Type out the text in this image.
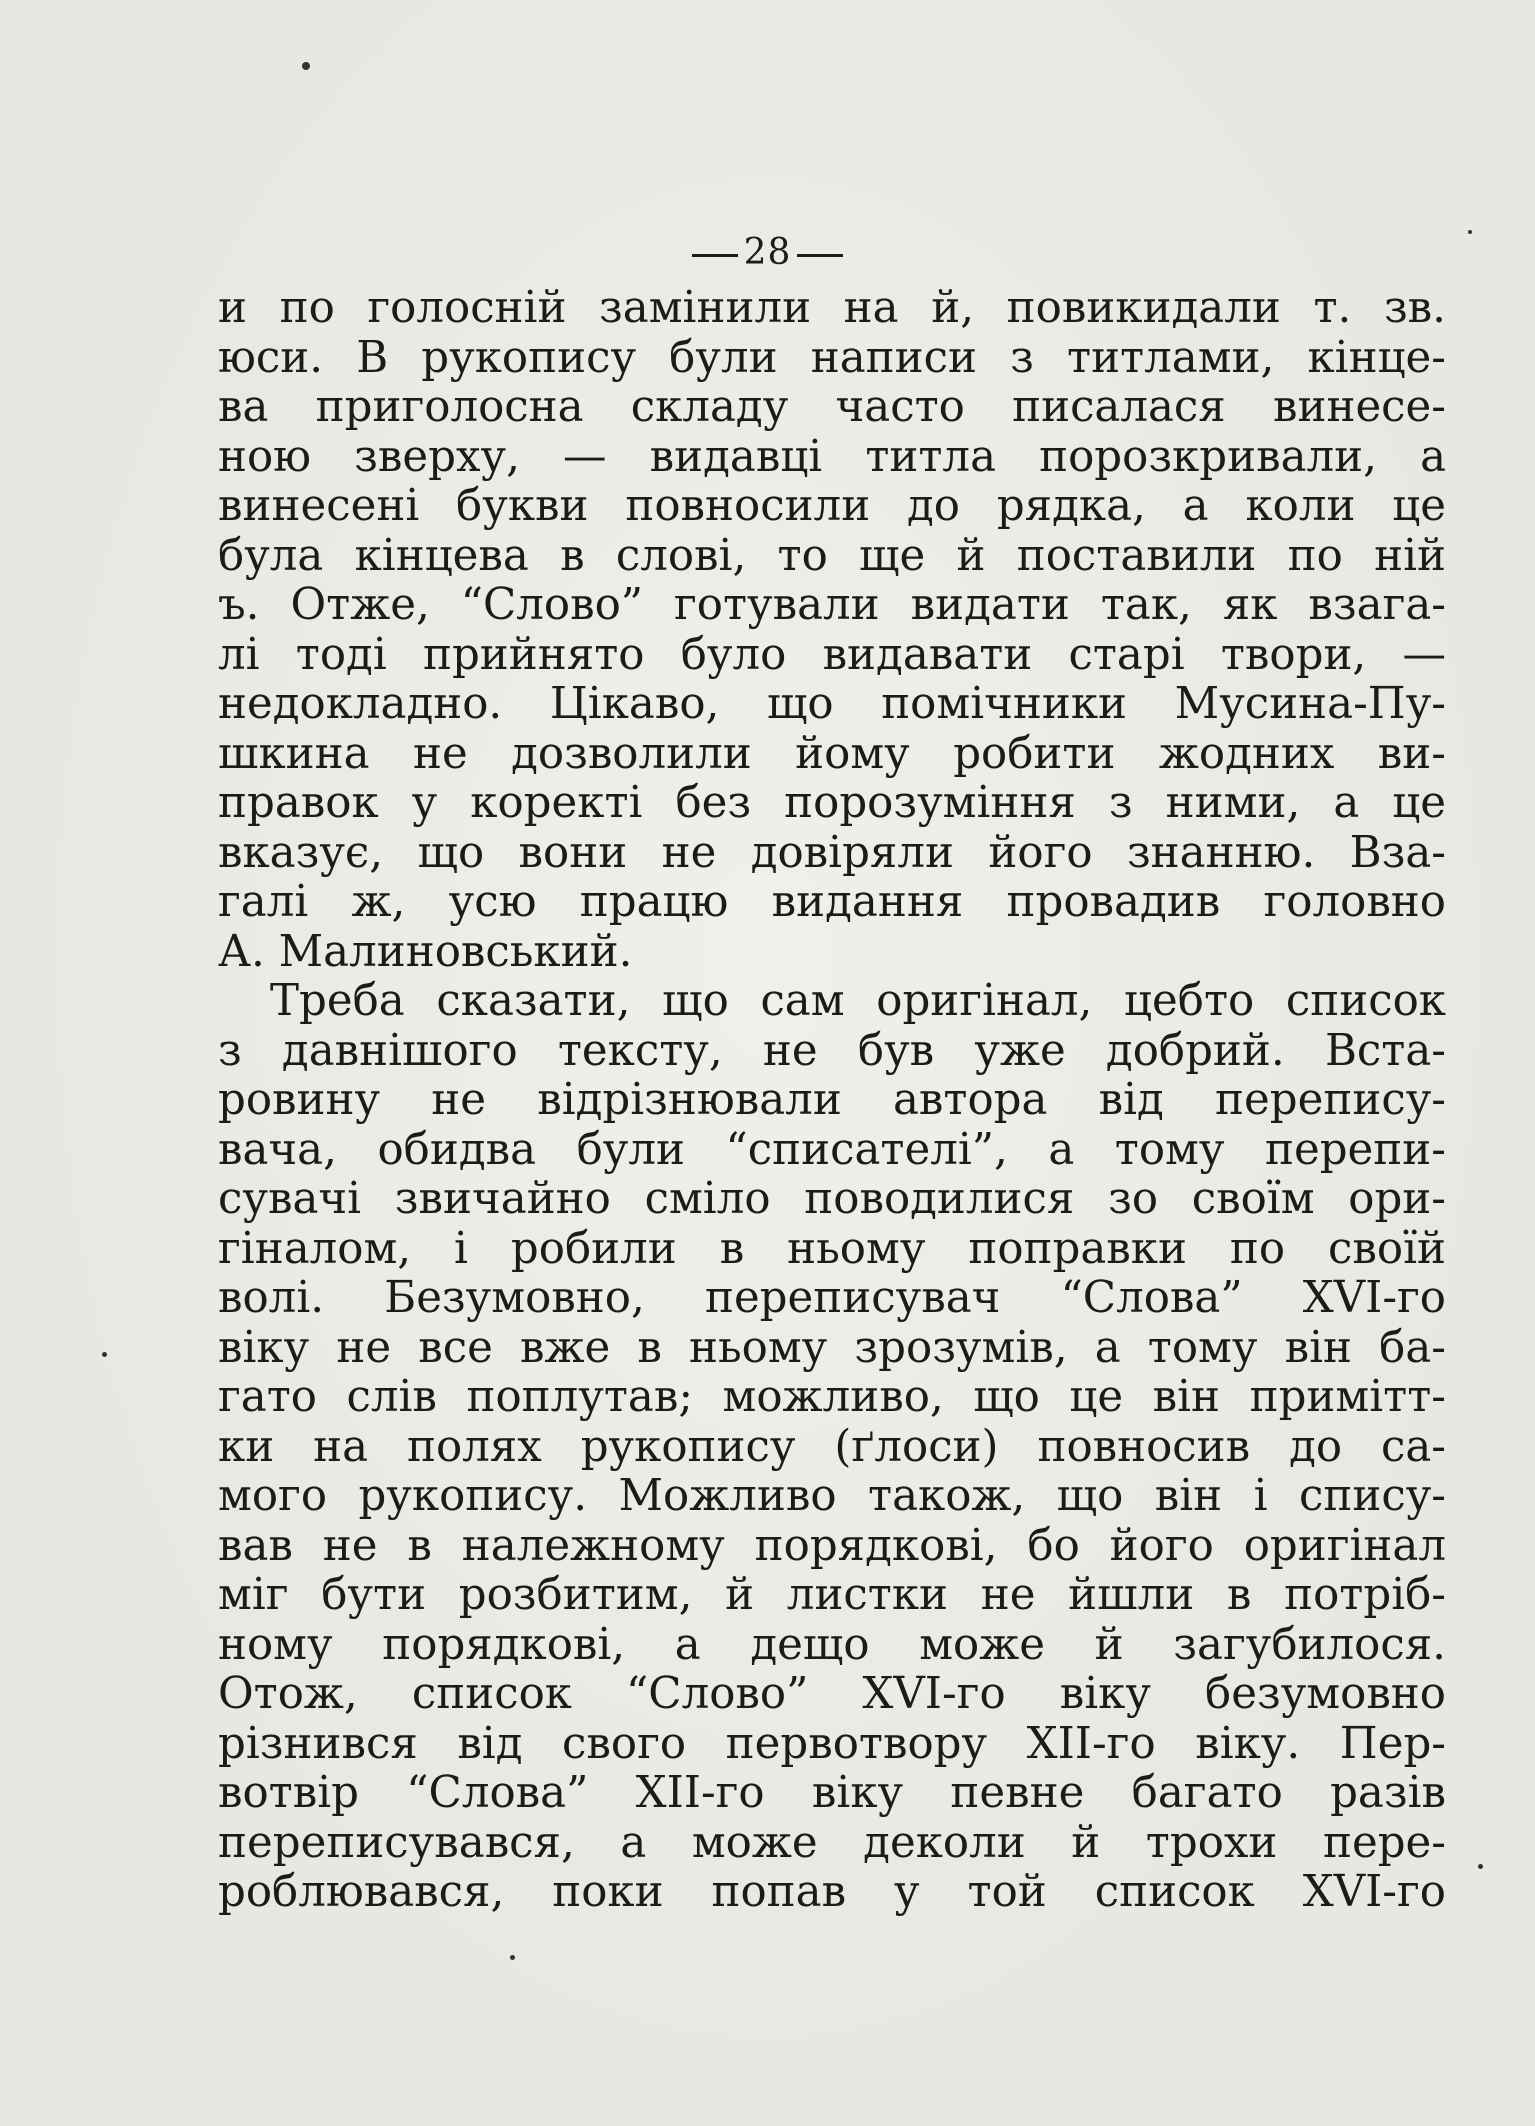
28
и по голосній замінили на й, повикидали т. зв.
юси. В рукопису були написи з титлами, кінце-
ва приголосна складу часто писалася винесе-
ною зверху, — видавці титла порозкривали, а
винесені букви повносили до рядка, а коли це
була кінцева в слові, то ще й поставили по ній
ъ. Отже, “Слово” готували видати так, як взага-
лі тоді прийнято було видавати старі твори, —
недокладно. Цікаво, що помічники Мусина-Пу-
шкина не дозволили йому робити жодних ви-
правок у коректі без порозуміння з ними, а це
вказує, що вони не довіряли його знанню. Вза-
галі ж, усю працю видання провадив головно
А. Малиновський.
Треба сказати, що сам оригінал, цебто список
з давнішого тексту, не був уже добрий. Вста-
ровину не відрізнювали автора від перепису-
вача, обидва були “списателі”, а тому перепи-
сувачі звичайно сміло поводилися зо своїм ори-
гіналом, і робили в ньому поправки по своїй
волі. Безумовно, переписувач “Слова” XVI-го
віку не все вже в ньому зрозумів, а тому він ба-
гато слів поплутав; можливо, що це він примітт-
ки на полях рукопису (ґлоси) повносив до са-
мого рукопису. Можливо також, що він і спису-
вав не в належному порядкові, бо його оригінал
міг бути розбитим, й листки не йшли в потріб-
ному порядкові, а дещо може й загубилося.
Отож, список “Слово” XVI-го віку безумовно
різнився від свого первотвору XII-го віку. Пер-
вотвір “Слова” XII-го віку певне багато разів
переписувався, а може деколи й трохи пере-
роблювався, поки попав у той список XVI-го
